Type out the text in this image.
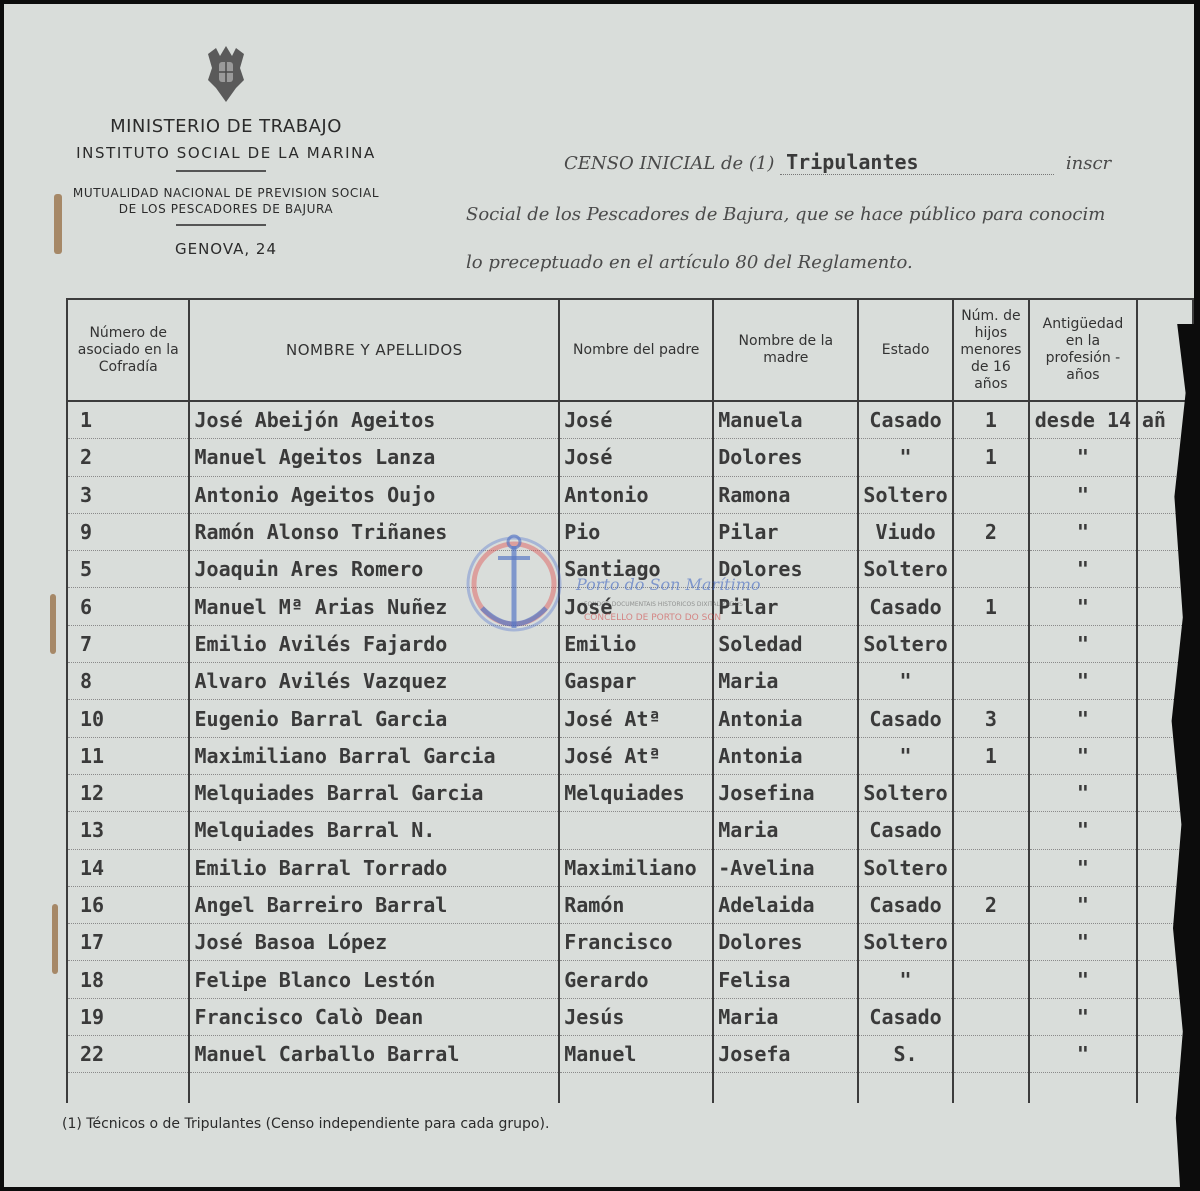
MINISTERIO DE TRABAJO
INSTITUTO SOCIAL DE LA MARINA
MUTUALIDAD NACIONAL DE PREVISION SOCIAL
DE LOS PESCADORES DE BAJURA
GENOVA, 24
CENSO INICIAL de (1) Tripulantes	inscr
Social de los Pescadores de Bajura, que se hace público para conocim
lo preceptuado en el artículo 80 del Reglamento.
Número de asociado en la Cofradía	NOMBRE Y APELLIDOS	Nombre del padre	Nombre de la madre	Estado	Núm. de hijos menores de 16 años	Antigüedad en la profesión - años	
1	José Abeijón Ageitos	José	Manuela	Casado	1	desde 14	añ
2	Manuel Ageitos Lanza	José	Dolores	"	1	"	
3	Antonio Ageitos Oujo	Antonio	Ramona	Soltero		"	
9	Ramón Alonso Triñanes	Pio	Pilar	Viudo	2	"	
5	Joaquin Ares Romero	Santiago	Dolores	Soltero		"	
6	Manuel Mª Arias Nuñez	José	Pilar	Casado	1	"	
7	Emilio Avilés Fajardo	Emilio	Soledad	Soltero		"	
8	Alvaro Avilés Vazquez	Gaspar	Maria	"		"	
10	Eugenio Barral Garcia	José Atª	Antonia	Casado	3	"	
11	Maximiliano Barral Garcia	José Atª	Antonia	"	1	"	
12	Melquiades Barral Garcia	Melquiades	Josefina	Soltero		"	
13	Melquiades Barral N.		Maria	Casado		"	
14	Emilio Barral Torrado	Maximiliano	-Avelina	Soltero		"	
16	Angel Barreiro Barral	Ramón	Adelaida	Casado	2	"	
17	José Basoa López	Francisco	Dolores	Soltero		"	
18	Felipe Blanco Lestón	Gerardo	Felisa	"		"	
19	Francisco Calò Dean	Jesús	Maria	Casado		"	
22	Manuel Carballo Barral	Manuel	Josefa	S.		"	

Porto do Son Marítimo
FONDOS DOCUMENTAIS HISTÓRICOS DIXITALIZADOS
CONCELLO DE PORTO DO SON
(1) Técnicos o de Tripulantes (Censo independiente para cada grupo).
